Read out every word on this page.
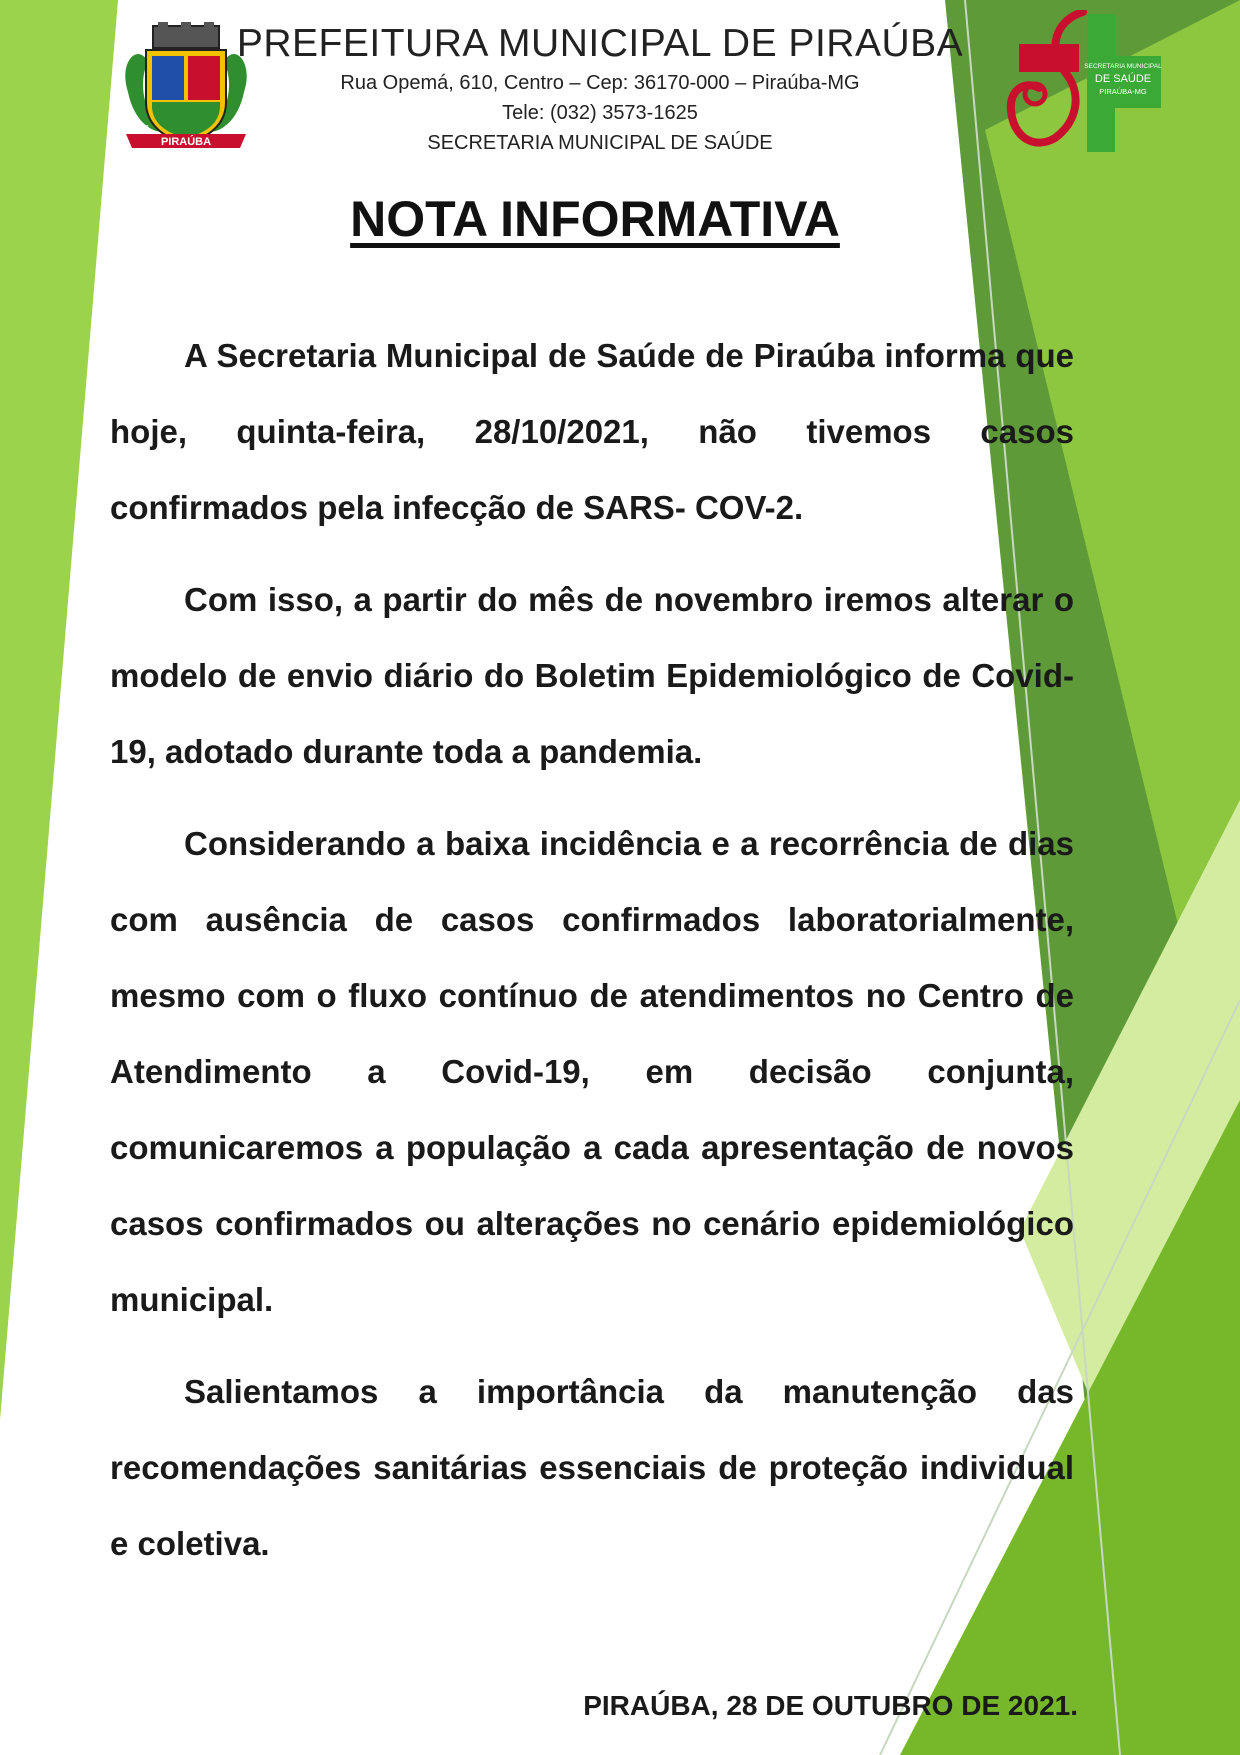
PIRAÚBA
12/12	1953
PREFEITURA MUNICIPAL DE PIRAÚBA
Rua Opemá, 610, Centro – Cep: 36170-000 – Piraúba-MG
Tele: (032) 3573-1625
SECRETARIA MUNICIPAL DE SAÚDE
SECRETARIA MUNICIPAL
DE SAÚDE
PIRAÚBA-MG
NOTA INFORMATIVA

A Secretaria Municipal de Saúde de Piraúba informa que hoje, quinta-feira, 28/10/2021, não tivemos casos confirmados pela infecção de SARS- COV-2.

Com isso, a partir do mês de novembro iremos alterar o modelo de envio diário do Boletim Epidemiológico de Covid-19, adotado durante toda a pandemia.

Considerando a baixa incidência e a recorrência de dias com ausência de casos confirmados laboratorialmente, mesmo com o fluxo contínuo de atendimentos no Centro de Atendimento a Covid-19, em decisão conjunta, comunicaremos a população a cada apresentação de novos casos confirmados ou alterações no cenário epidemiológico municipal.

Salientamos a importância da manutenção das recomendações sanitárias essenciais de proteção individual e coletiva.

PIRAÚBA, 28 DE OUTUBRO DE 2021.
